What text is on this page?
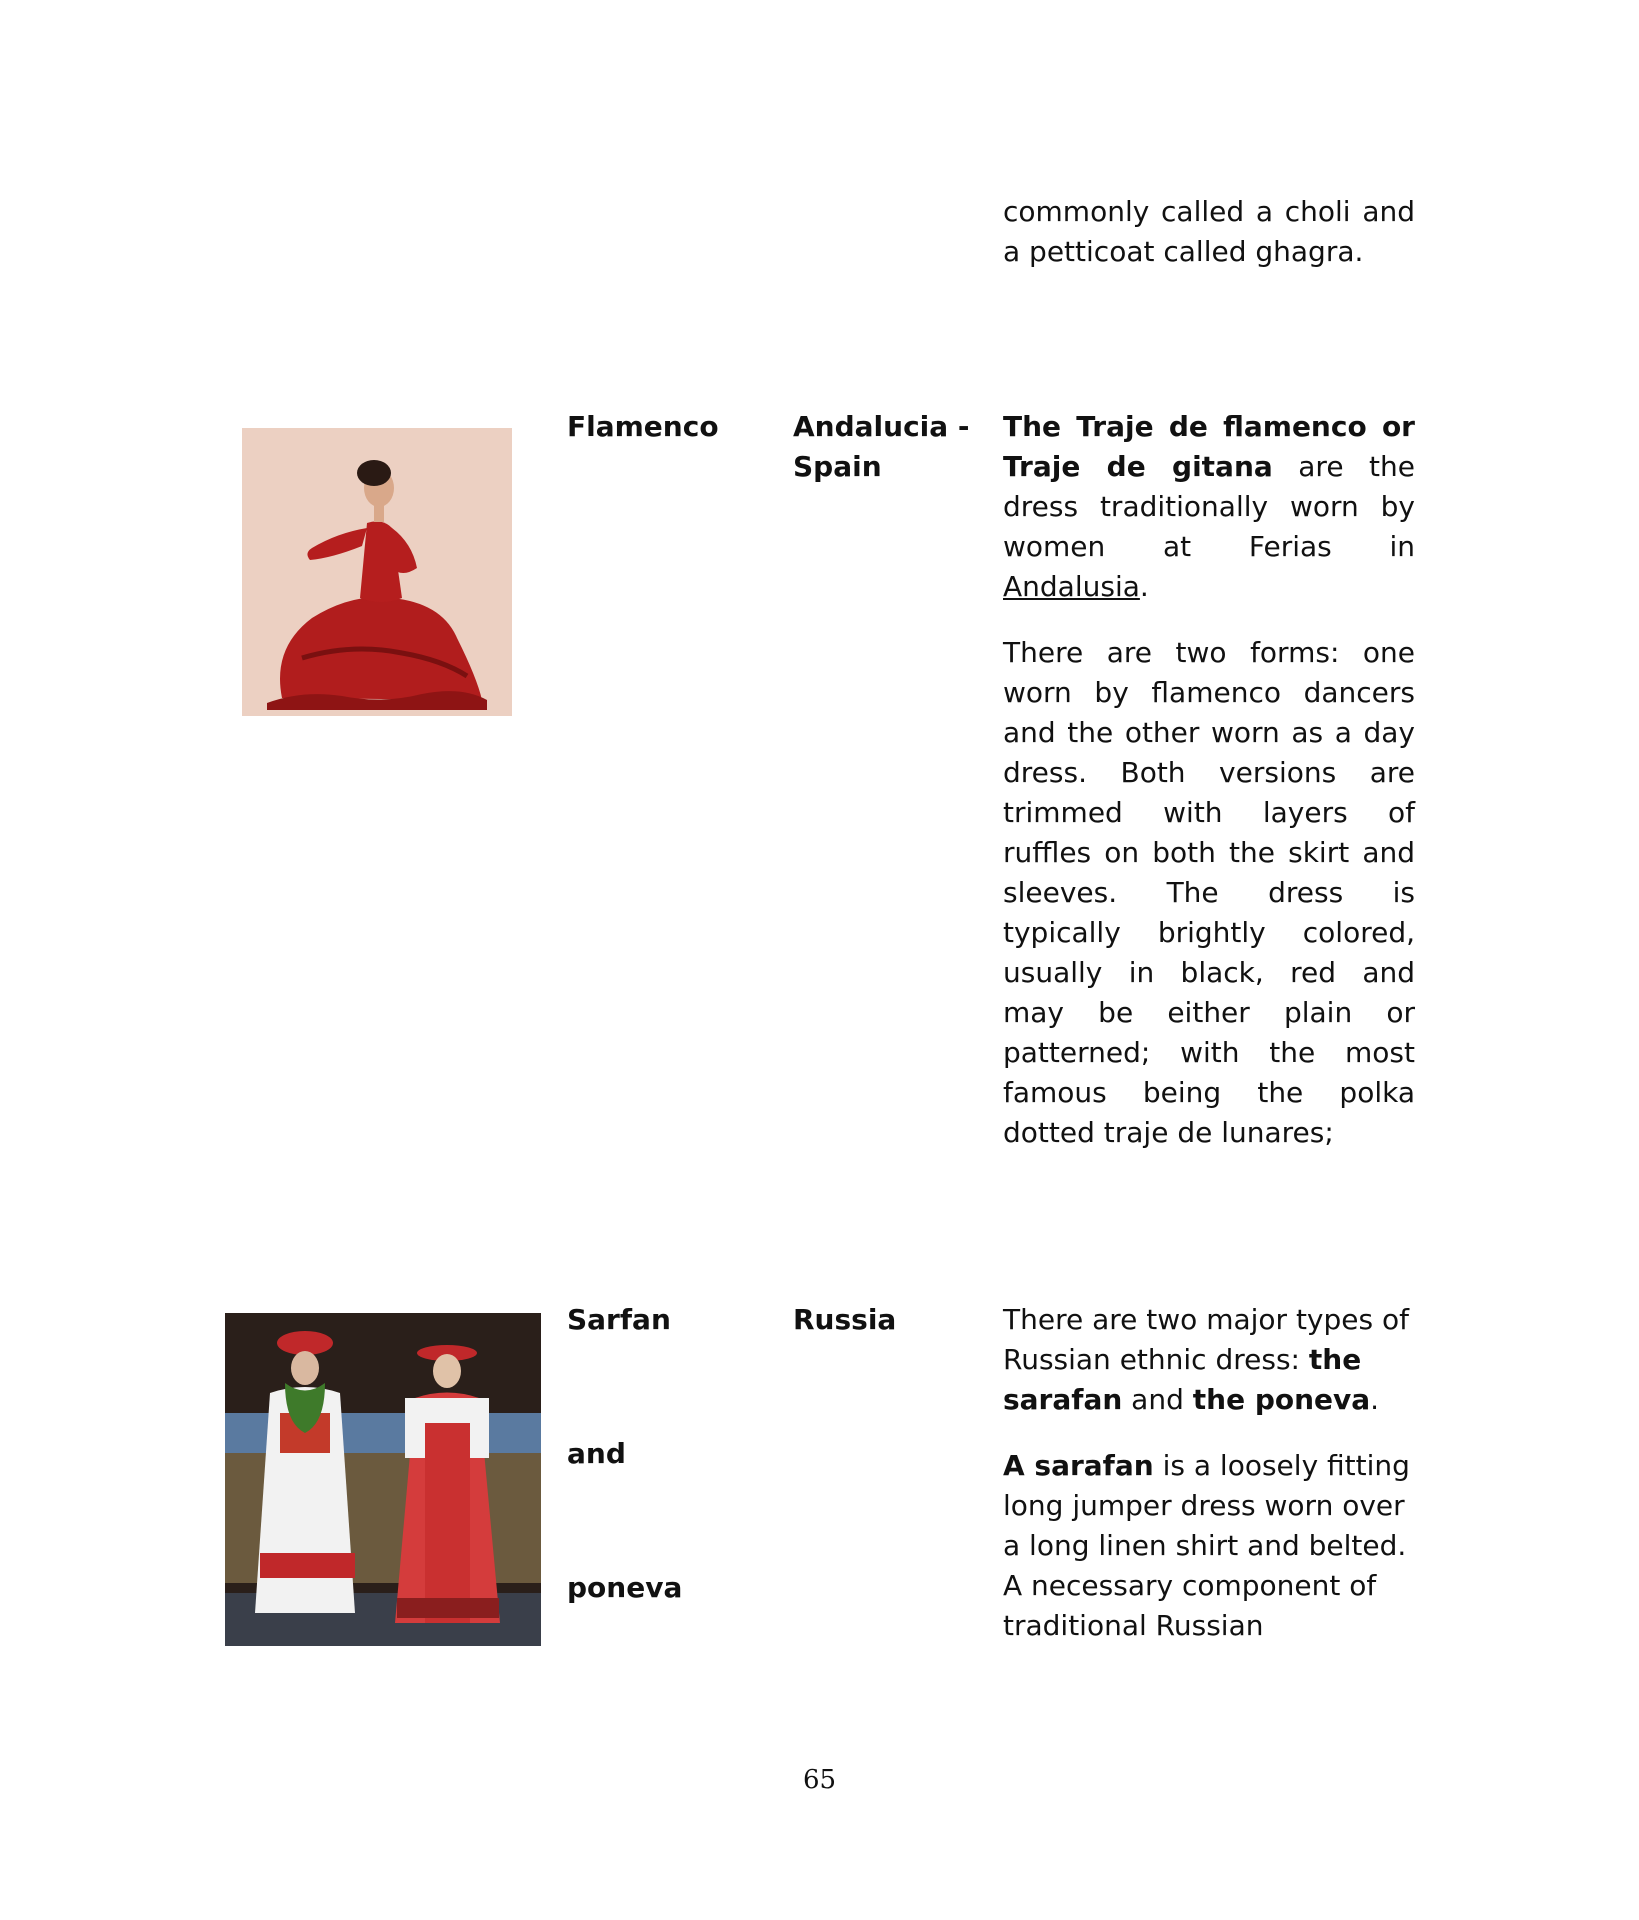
commonly called a choli and a petticoat called ghagra.

Flamenco	Andalucia - Spain

The Traje de flamenco or Traje de gitana are the dress traditionally worn by women at Ferias in Andalusia.

There are two forms: one worn by flamenco dancers and the other worn as a day dress. Both versions are trimmed with layers of ruffles on both the skirt and sleeves. The dress is typically brightly colored, usually in black, red and may be either plain or patterned; with the most famous being the polka dotted traje de lunares;

Sarfan
and
poneva
Russia	There are two major types of Russian ethnic dress: the sarafan and the poneva.

A sarafan is a loosely fitting long jumper dress worn over a long linen shirt and belted. A necessary component of traditional Russian

65
